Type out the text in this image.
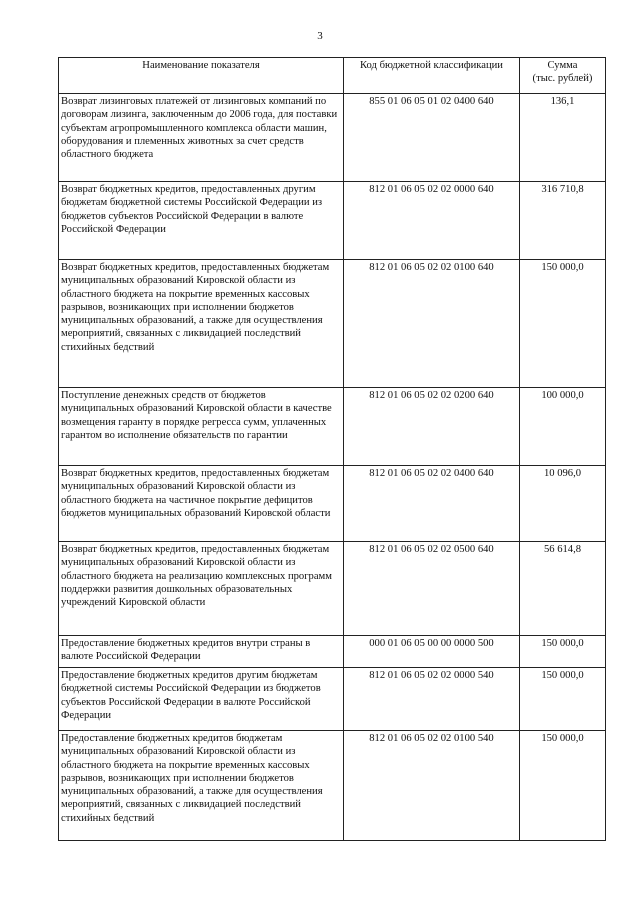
3
Наименование показателя	Код бюджетной классификации	Сумма
(тыс. рублей)

Возврат лизинговых платежей от лизинговых компаний по договорам лизинга, заключенным до 2006 года, для поставки субъектам агропромышленного комплекса области машин, оборудования и племенных животных за счет средств областного бюджета	855 01 06 05 01 02 0400 640	136,1
Возврат бюджетных кредитов, предоставленных другим бюджетам бюджетной системы Российской Федерации из бюджетов субъектов Российской Федерации в валюте Российской Федерации	812 01 06 05 02 02 0000 640	316 710,8
Возврат бюджетных кредитов, предоставленных бюджетам муниципальных образований Кировской области из областного бюджета на покрытие временных кассовых разрывов, возникающих при исполнении бюджетов муниципальных образований, а также для осуществления мероприятий, связанных с ликвидацией последствий стихийных бедствий	812 01 06 05 02 02 0100 640	150 000,0
Поступление денежных средств от бюджетов муниципальных образований Кировской области в качестве возмещения гаранту в порядке регресса сумм, уплаченных гарантом во исполнение обязательств по гарантии	812 01 06 05 02 02 0200 640	100 000,0
Возврат бюджетных кредитов, предоставленных бюджетам муниципальных образований Кировской области из областного бюджета на частичное покрытие дефицитов бюджетов муниципальных образований Кировской области	812 01 06 05 02 02 0400 640	10 096,0
Возврат бюджетных кредитов, предоставленных бюджетам муниципальных образований Кировской области из областного бюджета на реализацию комплексных программ поддержки развития дошкольных образовательных учреждений Кировской области	812 01 06 05 02 02 0500 640	56 614,8
Предоставление бюджетных кредитов внутри страны в валюте Российской Федерации	000 01 06 05 00 00 0000 500	150 000,0
Предоставление бюджетных кредитов другим бюджетам бюджетной системы Российской Федерации из бюджетов субъектов Российской Федерации в валюте Российской Федерации	812 01 06 05 02 02 0000 540	150 000,0
Предоставление бюджетных кредитов бюджетам муниципальных образований Кировской области из областного бюджета на покрытие временных кассовых разрывов, возникающих при исполнении бюджетов муниципальных образований, а также для осуществления мероприятий, связанных с ликвидацией последствий стихийных бедствий	812 01 06 05 02 02 0100 540	150 000,0
